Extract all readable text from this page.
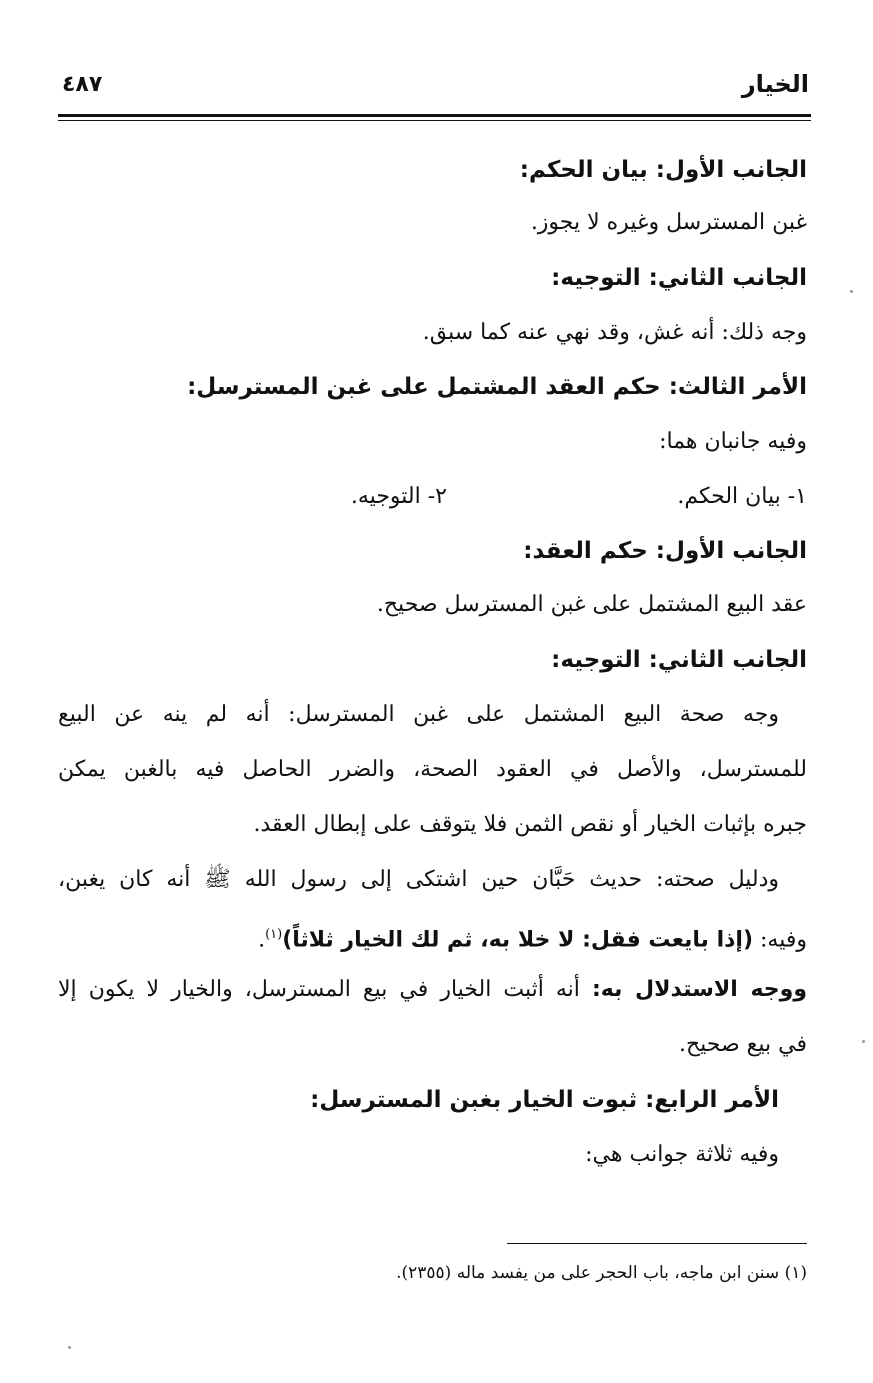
الخيار
٤٨٧
الجانب الأول: بيان الحكم:
غبن المسترسل وغيره لا يجوز.
الجانب الثاني: التوجيه:
وجه ذلك: أنه غش، وقد نهي عنه كما سبق.
الأمر الثالث: حكم العقد المشتمل على غبن المسترسل:
وفيه جانبان هما:
١- بيان الحكم.
٢- التوجيه.
الجانب الأول: حكم العقد:
عقد البيع المشتمل على غبن المسترسل صحيح.
الجانب الثاني: التوجيه:
وجه صحة البيع المشتمل على غبن المسترسل: أنه لم ينه عن البيع
للمسترسل، والأصل في العقود الصحة، والضرر الحاصل فيه بالغبن يمكن
جبره بإثبات الخيار أو نقص الثمن فلا يتوقف على إبطال العقد.
ودليل صحته: حديث حَبَّان حين اشتكى إلى رسول الله ﷺ أنه كان يغبن،
وفيه: (إذا بايعت فقل: لا خلا به، ثم لك الخيار ثلاثاً)$^{(١)}$.
ووجه الاستدلال به: أنه أثبت الخيار في بيع المسترسل، والخيار لا يكون إلا
في بيع صحيح.
الأمر الرابع: ثبوت الخيار بغبن المسترسل:
وفيه ثلاثة جوانب هي:
(١) سنن ابن ماجه، باب الحجر على من يفسد ماله (٢٣٥٥).
